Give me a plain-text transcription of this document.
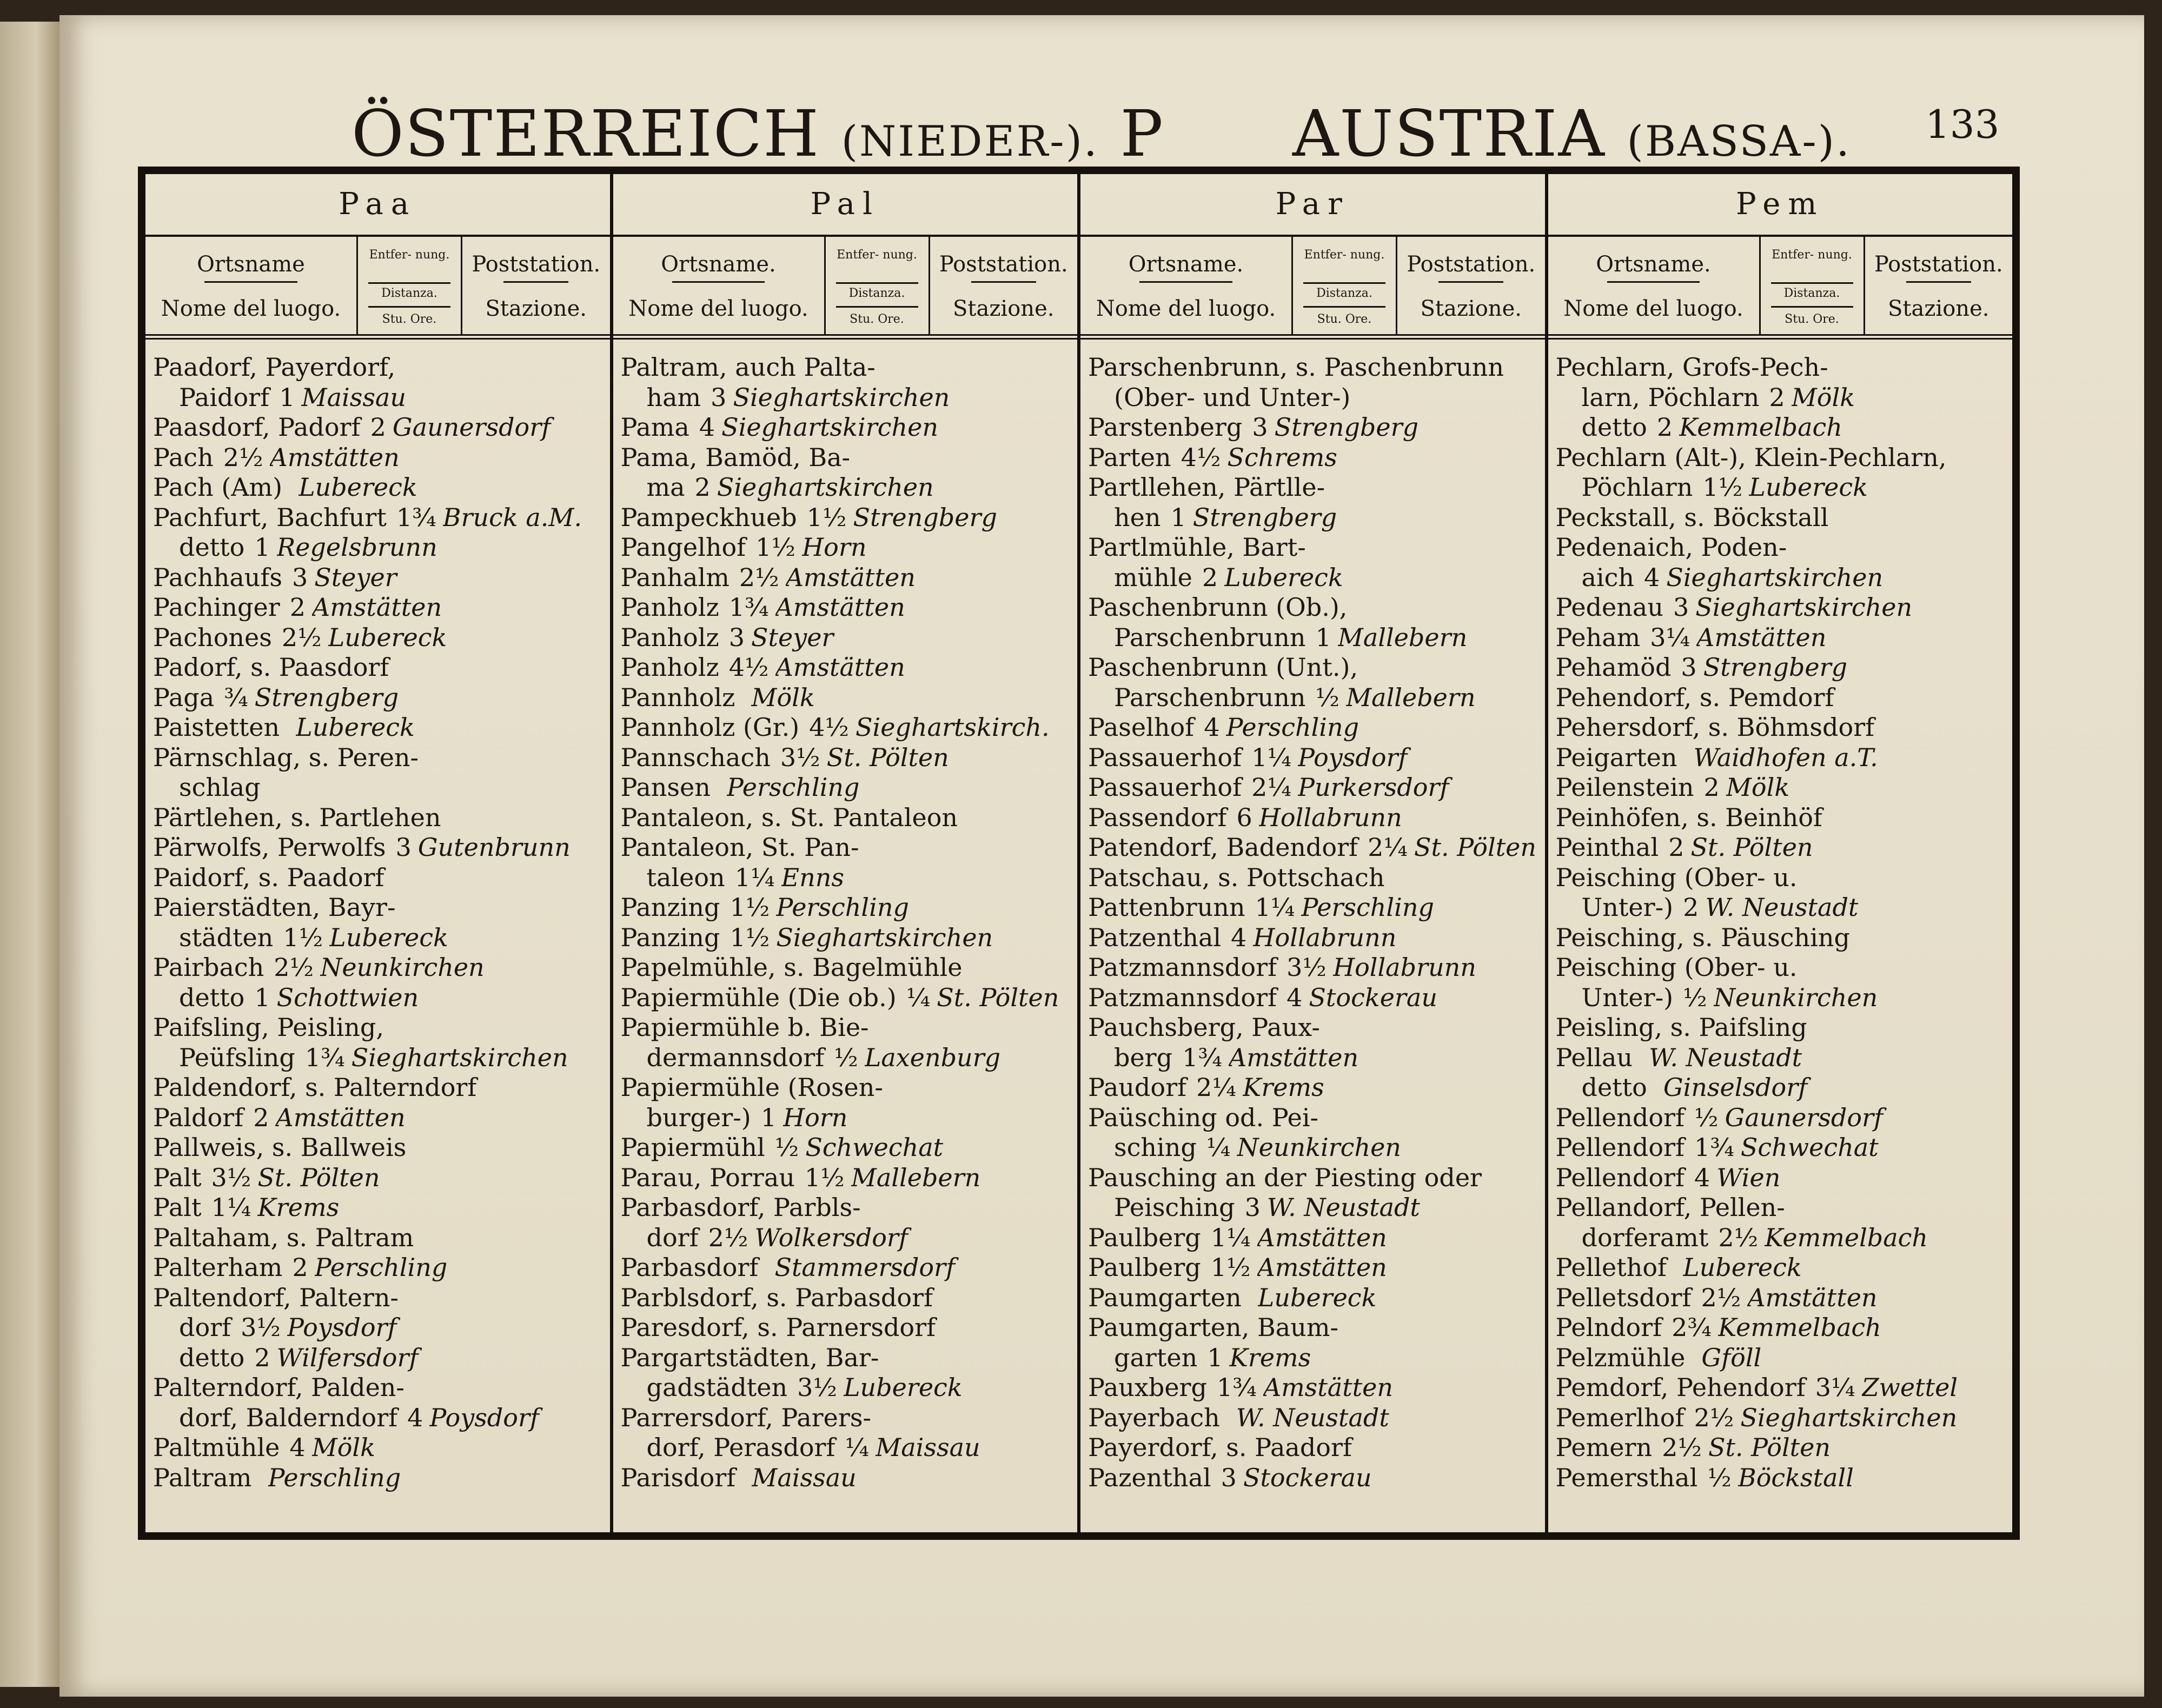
ÖSTERREICH (NIEDER-). P AUSTRIA (BASSA-). 133
Paa
Ortsname
Nome del luogo.
Entfer- nung.
Distanza.
Stu. Ore.
Poststation.
Stazione.
Paadorf, Payerdorf,
Paidorf 1 Maissau
Paasdorf, Padorf 2 Gaunersdorf
Pach 2½ Amstätten
Pach (Am) Lubereck
Pachfurt, Bachfurt 1¾ Bruck a.M.
detto 1 Regelsbrunn
Pachhaufs 3 Steyer
Pachinger 2 Amstätten
Pachones 2½ Lubereck
Padorf, s. Paasdorf
Paga ¾ Strengberg
Paistetten Lubereck
Pärnschlag, s. Peren-
schlag
Pärtlehen, s. Partlehen
Pärwolfs, Perwolfs 3 Gutenbrunn
Paidorf, s. Paadorf
Paierstädten, Bayr-
städten 1½ Lubereck
Pairbach 2½ Neunkirchen
detto 1 Schottwien
Paifsling, Peisling,
Peüfsling 1¾ Sieghartskirchen
Paldendorf, s. Palterndorf
Paldorf 2 Amstätten
Pallweis, s. Ballweis
Palt 3½ St. Pölten
Palt 1¼ Krems
Paltaham, s. Paltram
Palterham 2 Perschling
Paltendorf, Paltern-
dorf 3½ Poysdorf
detto 2 Wilfersdorf
Palterndorf, Palden-
dorf, Balderndorf 4 Poysdorf
Paltmühle 4 Mölk
Paltram Perschling
Pal
Ortsname.
Nome del luogo.
Entfer- nung.
Distanza.
Stu. Ore.
Poststation.
Stazione.
Paltram, auch Palta-
ham 3 Sieghartskirchen
Pama 4 Sieghartskirchen
Pama, Bamöd, Ba-
ma 2 Sieghartskirchen
Pampeckhueb 1½ Strengberg
Pangelhof 1½ Horn
Panhalm 2½ Amstätten
Panholz 1¾ Amstätten
Panholz 3 Steyer
Panholz 4½ Amstätten
Pannholz Mölk
Pannholz (Gr.) 4½ Sieghartskirch.
Pannschach 3½ St. Pölten
Pansen Perschling
Pantaleon, s. St. Pantaleon
Pantaleon, St. Pan-
taleon 1¼ Enns
Panzing 1½ Perschling
Panzing 1½ Sieghartskirchen
Papelmühle, s. Bagelmühle
Papiermühle (Die ob.) ¼ St. Pölten
Papiermühle b. Bie-
dermannsdorf ½ Laxenburg
Papiermühle (Rosen-
burger-) 1 Horn
Papiermühl ½ Schwechat
Parau, Porrau 1½ Mallebern
Parbasdorf, Parbls-
dorf 2½ Wolkersdorf
Parbasdorf Stammersdorf
Parblsdorf, s. Parbasdorf
Paresdorf, s. Parnersdorf
Pargartstädten, Bar-
gadstädten 3½ Lubereck
Parrersdorf, Parers-
dorf, Perasdorf ¼ Maissau
Parisdorf Maissau
Par
Ortsname.
Nome del luogo.
Entfer- nung.
Distanza.
Stu. Ore.
Poststation.
Stazione.
Parschenbrunn, s. Paschenbrunn
(Ober- und Unter-)
Parstenberg 3 Strengberg
Parten 4½ Schrems
Partllehen, Pärtlle-
hen 1 Strengberg
Partlmühle, Bart-
mühle 2 Lubereck
Paschenbrunn (Ob.),
Parschenbrunn 1 Mallebern
Paschenbrunn (Unt.),
Parschenbrunn ½ Mallebern
Paselhof 4 Perschling
Passauerhof 1¼ Poysdorf
Passauerhof 2¼ Purkersdorf
Passendorf 6 Hollabrunn
Patendorf, Badendorf 2¼ St. Pölten
Patschau, s. Pottschach
Pattenbrunn 1¼ Perschling
Patzenthal 4 Hollabrunn
Patzmannsdorf 3½ Hollabrunn
Patzmannsdorf 4 Stockerau
Pauchsberg, Paux-
berg 1¾ Amstätten
Paudorf 2¼ Krems
Paüsching od. Pei-
sching ¼ Neunkirchen
Pausching an der Piesting oder
Peisching 3 W. Neustadt
Paulberg 1¼ Amstätten
Paulberg 1½ Amstätten
Paumgarten Lubereck
Paumgarten, Baum-
garten 1 Krems
Pauxberg 1¾ Amstätten
Payerbach W. Neustadt
Payerdorf, s. Paadorf
Pazenthal 3 Stockerau
Pem
Ortsname.
Nome del luogo.
Entfer- nung.
Distanza.
Stu. Ore.
Poststation.
Stazione.
Pechlarn, Grofs-Pech-
larn, Pöchlarn 2 Mölk
detto 2 Kemmelbach
Pechlarn (Alt-), Klein-Pechlarn,
Pöchlarn 1½ Lubereck
Peckstall, s. Böckstall
Pedenaich, Poden-
aich 4 Sieghartskirchen
Pedenau 3 Sieghartskirchen
Peham 3¼ Amstätten
Pehamöd 3 Strengberg
Pehendorf, s. Pemdorf
Pehersdorf, s. Böhmsdorf
Peigarten Waidhofen a.T.
Peilenstein 2 Mölk
Peinhöfen, s. Beinhöf
Peinthal 2 St. Pölten
Peisching (Ober- u.
Unter-) 2 W. Neustadt
Peisching, s. Päusching
Peisching (Ober- u.
Unter-) ½ Neunkirchen
Peisling, s. Paifsling
Pellau W. Neustadt
detto Ginselsdorf
Pellendorf ½ Gaunersdorf
Pellendorf 1¾ Schwechat
Pellendorf 4 Wien
Pellandorf, Pellen-
dorferamt 2½ Kemmelbach
Pellethof Lubereck
Pelletsdorf 2½ Amstätten
Pelndorf 2¾ Kemmelbach
Pelzmühle Gföll
Pemdorf, Pehendorf 3¼ Zwettel
Pemerlhof 2½ Sieghartskirchen
Pemern 2½ St. Pölten
Pemersthal ½ Böckstall
